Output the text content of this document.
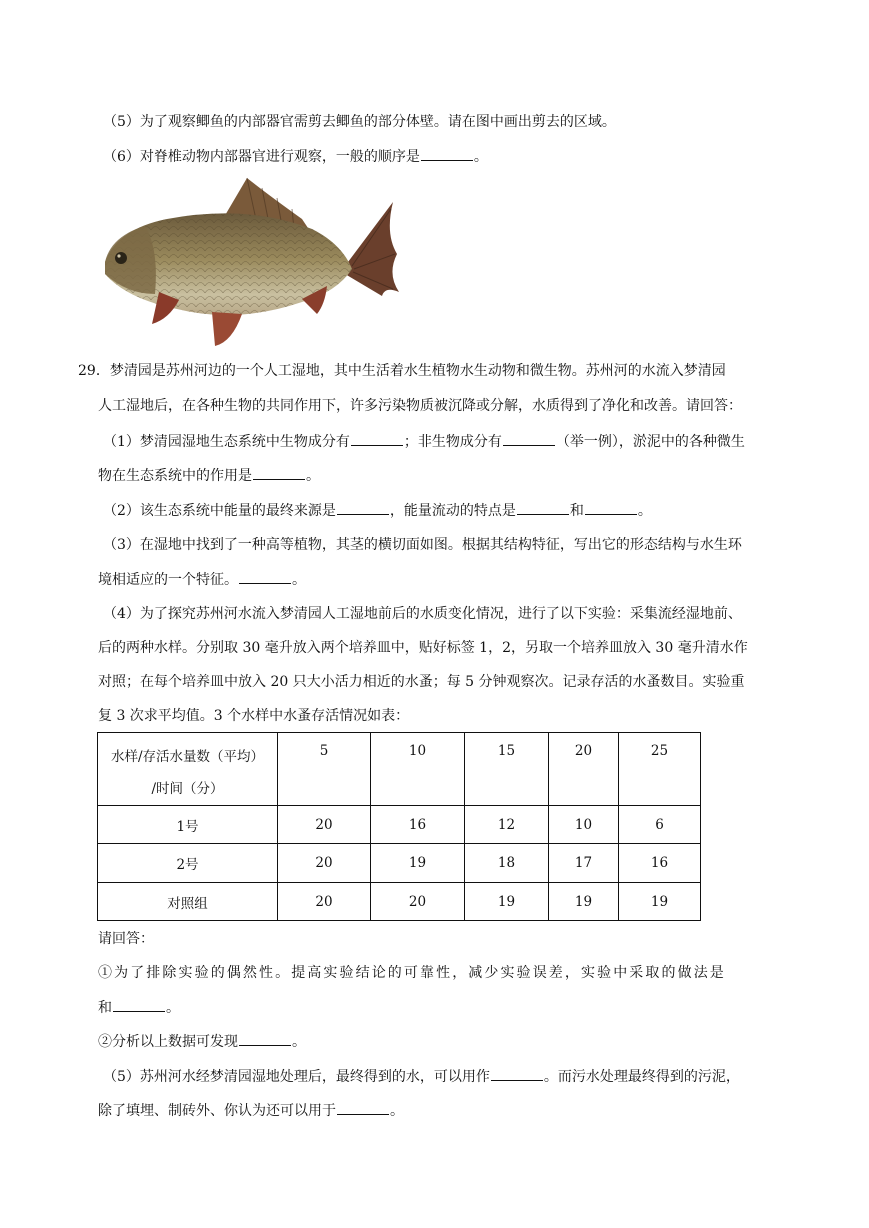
（5）为了观察鲫鱼的内部器官需剪去鲫鱼的部分体壁。请在图中画出剪去的区域。
（6）对脊椎动物内部器官进行观察，一般的顺序是	。
29．梦清园是苏州河边的一个人工湿地，其中生活着水生植物水生动物和微生物。苏州河的水流入梦清园
人工湿地后，在各种生物的共同作用下，许多污染物质被沉降或分解，水质得到了净化和改善。请回答：
（1）梦清园湿地生态系统中生物成分有	；非生物成分有	（举一例），淤泥中的各种微生
物在生态系统中的作用是	。
（2）该生态系统中能量的最终来源是	，能量流动的特点是	和	。
（3）在湿地中找到了一种高等植物，其茎的横切面如图。根据其结构特征，写出它的形态结构与水生环
境相适应的一个特征。	。
（4）为了探究苏州河水流入梦清园人工湿地前后的水质变化情况，进行了以下实验：采集流经湿地前、
后的两种水样。分别取 30 毫升放入两个培养皿中，贴好标签 1，2，另取一个培养皿放入 30 毫升清水作
对照；在每个培养皿中放入 20 只大小活力相近的水蚤；每 5 分钟观察次。记录存活的水蚤数目。实验重
复 3 次求平均值。3 个水样中水蚤存活情况如表：
水样/存活水量数（平均）
/时间（分）	5	10	15	20	25
1号	20	16	12	10	6
2号	20	19	18	17	16
对照组	20	20	19	19	19
请回答：
①为了排除实验的偶然性。提高实验结论的可靠性，减少实验误差，实验中采取的做法是
和	。
②分析以上数据可发现	。
（5）苏州河水经梦清园湿地处理后，最终得到的水，可以用作	。而污水处理最终得到的污泥，
除了填埋、制砖外、你认为还可以用于	。
